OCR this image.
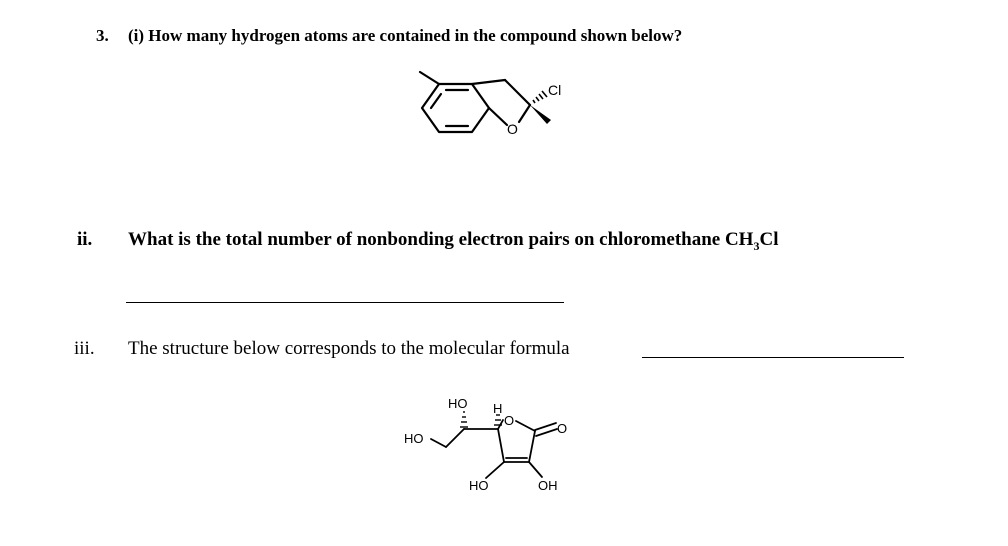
3. (i) How many hydrogen atoms are contained in the compound shown below?
Cl
O
ii. What is the total number of nonbonding electron pairs on chloromethane $CH_3Cl$
iii. The structure below corresponds to the molecular formula
HO H
HO
O
O
HO	OH
